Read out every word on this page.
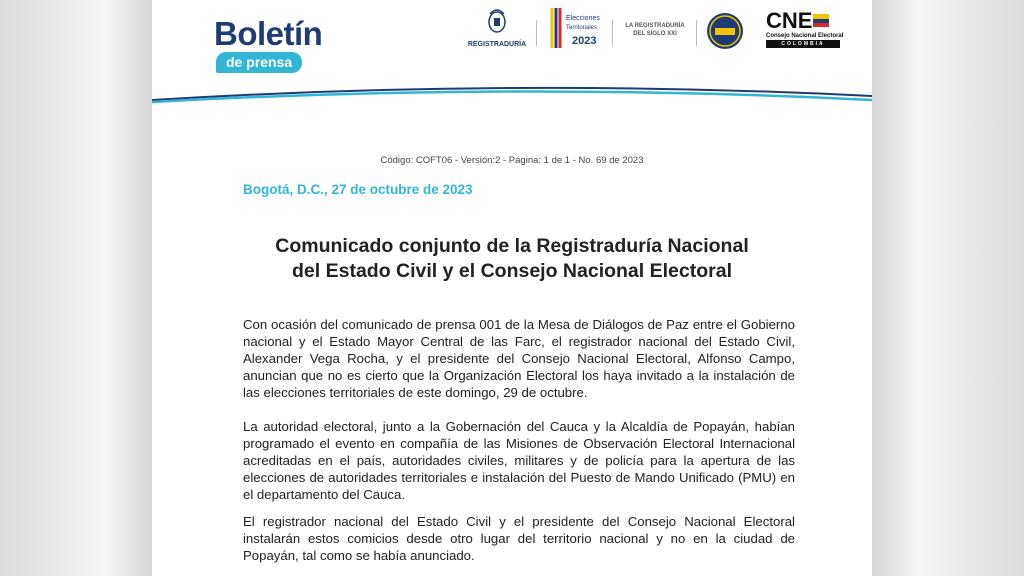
Boletín
de prensa
REGISTRADURÍA
Elecciones
Territoriales
2023
LA REGISTRADURÍA DEL SIGLO XXI
CNE
Consejo Nacional Electoral
COLOMBIA
Código: COFT06 - Versión:2 - Página: 1 de 1 - No. 69 de 2023
Bogotá, D.C., 27 de octubre de 2023
Comunicado conjunto de la Registraduría Nacional
del Estado Civil y el Consejo Nacional Electoral

Con ocasión del comunicado de prensa 001 de la Mesa de Diálogos de Paz entre el Gobierno nacional y el Estado Mayor Central de las Farc, el registrador nacional del Estado Civil, Alexander Vega Rocha, y el presidente del Consejo Nacional Electoral, Alfonso Campo, anuncian que no es cierto que la Organización Electoral los haya invitado a la instalación de las elecciones territoriales de este domingo, 29 de octubre.

La autoridad electoral, junto a la Gobernación del Cauca y la Alcaldía de Popayán, habían programado el evento en compañía de las Misiones de Observación Electoral Internacional acreditadas en el país, autoridades civiles, militares y de policía para la apertura de las elecciones de autoridades territoriales e instalación del Puesto de Mando Unificado (PMU) en el departamento del Cauca.

El registrador nacional del Estado Civil y el presidente del Consejo Nacional Electoral instalarán estos comicios desde otro lugar del territorio nacional y no en la ciudad de Popayán, tal como se había anunciado.
